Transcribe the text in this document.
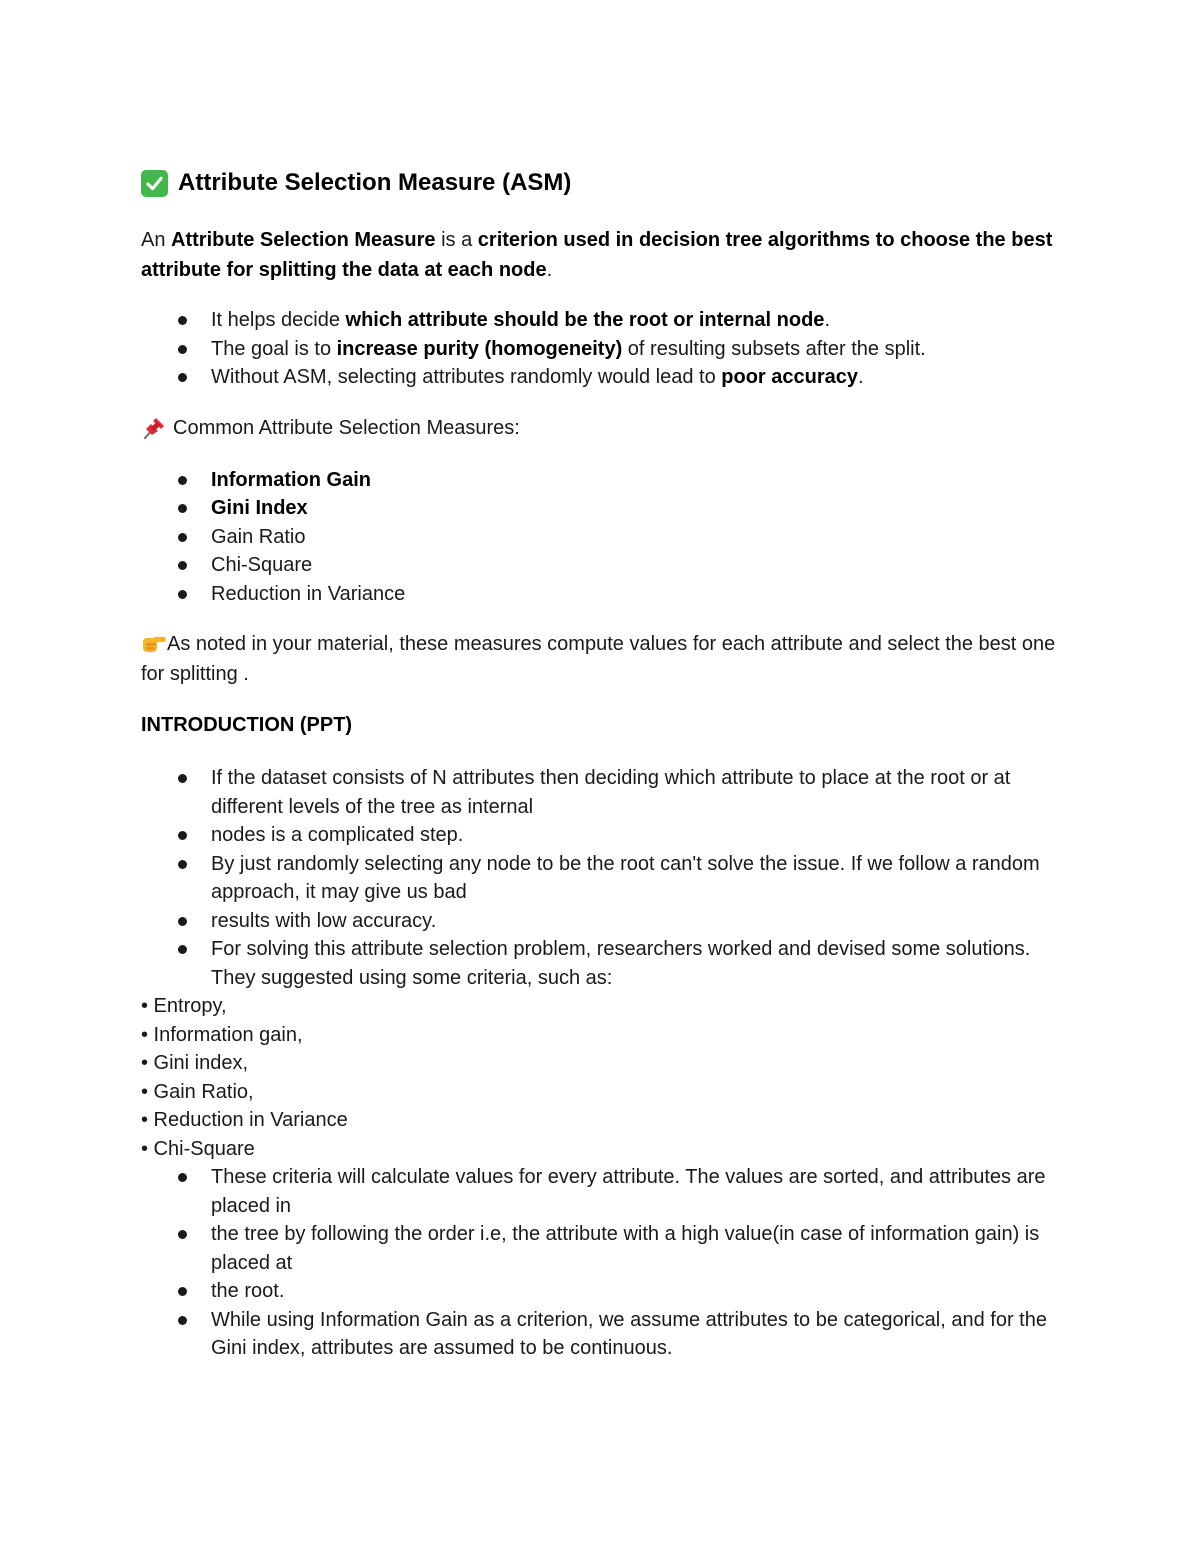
Attribute Selection Measure (ASM)

An Attribute Selection Measure is a criterion used in decision tree algorithms to choose the best attribute for splitting the data at each node.

It helps decide which attribute should be the root or internal node.
The goal is to increase purity (homogeneity) of resulting subsets after the split.
Without ASM, selecting attributes randomly would lead to poor accuracy.

Common Attribute Selection Measures:

Information Gain
Gini Index
Gain Ratio
Chi-Square
Reduction in Variance

As noted in your material, these measures compute values for each attribute and select the best one for splitting .

INTRODUCTION (PPT)

If the dataset consists of N attributes then deciding which attribute to place at the root or at different levels of the tree as internal
nodes is a complicated step.
By just randomly selecting any node to be the root can't solve the issue. If we follow a random approach, it may give us bad
results with low accuracy.
For solving this attribute selection problem, researchers worked and devised some solutions. They suggested using some criteria, such as:
• Entropy,
• Information gain,
• Gini index,
• Gain Ratio,
• Reduction in Variance
• Chi-Square
These criteria will calculate values for every attribute. The values are sorted, and attributes are placed in
the tree by following the order i.e, the attribute with a high value(in case of information gain) is placed at
the root.
While using Information Gain as a criterion, we assume attributes to be categorical, and for the Gini index, attributes are assumed to be continuous.
